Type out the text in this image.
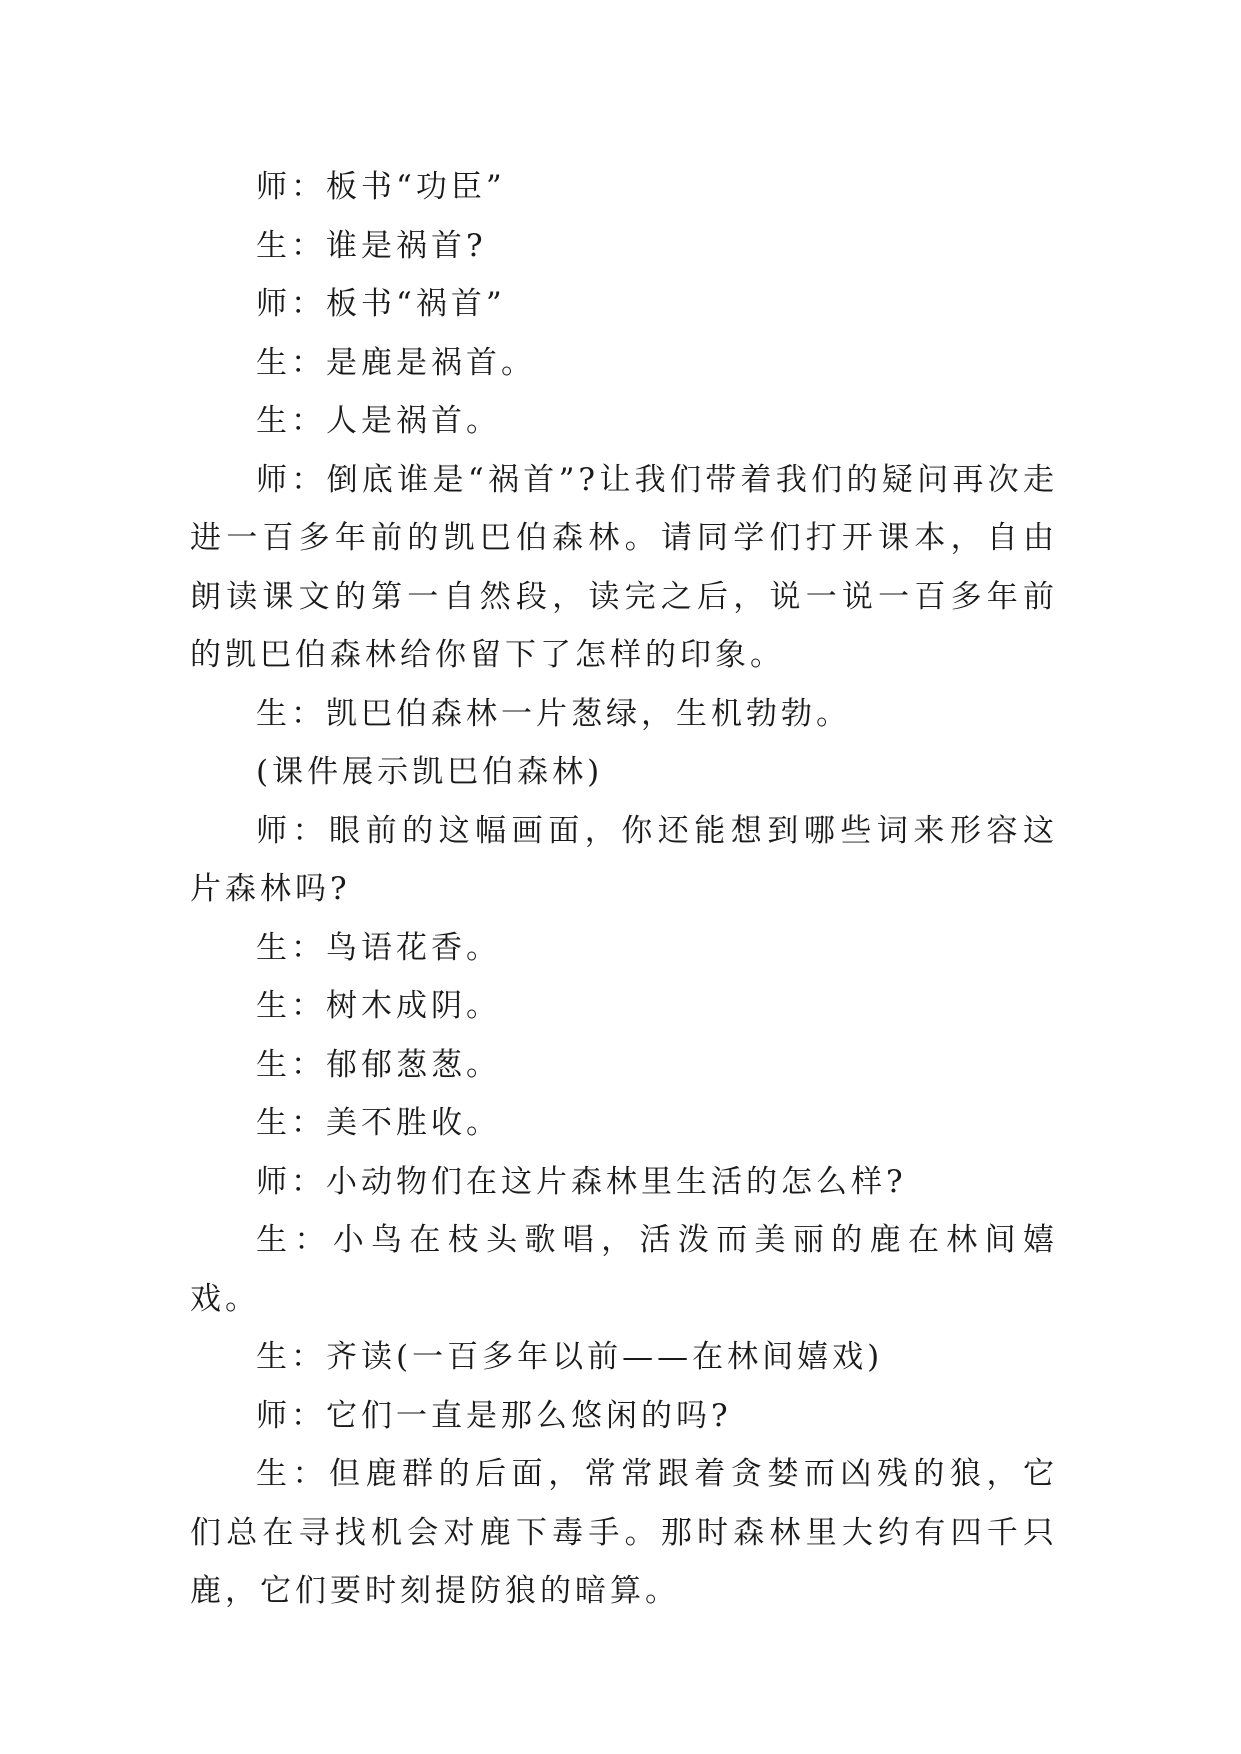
师：板书“功臣”

生：谁是祸首?

师：板书“祸首”

生：是鹿是祸首。

生：人是祸首。

师：倒底谁是“祸首”?让我们带着我们的疑问再次走进一百多年前的凯巴伯森林。请同学们打开课本，自由朗读课文的第一自然段，读完之后，说一说一百多年前的凯巴伯森林给你留下了怎样的印象。

生：凯巴伯森林一片葱绿，生机勃勃。

(课件展示凯巴伯森林)

师：眼前的这幅画面，你还能想到哪些词来形容这片森林吗?

生：鸟语花香。

生：树木成阴。

生：郁郁葱葱。

生：美不胜收。

师：小动物们在这片森林里生活的怎么样?

生：小鸟在枝头歌唱，活泼而美丽的鹿在林间嬉戏。

生：齐读(一百多年以前——在林间嬉戏)

师：它们一直是那么悠闲的吗?

生：但鹿群的后面，常常跟着贪婪而凶残的狼，它们总在寻找机会对鹿下毒手。那时森林里大约有四千只鹿，它们要时刻提防狼的暗算。
